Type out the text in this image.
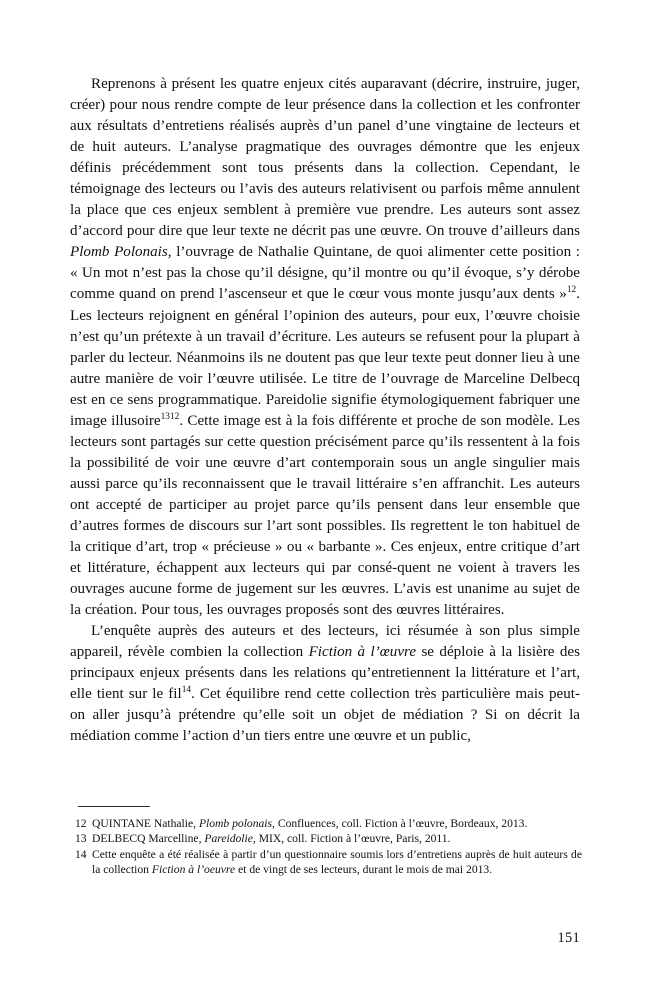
Reprenons à présent les quatre enjeux cités auparavant (décrire, instruire, juger, créer) pour nous rendre compte de leur présence dans la collection et les confronter aux résultats d’entretiens réalisés auprès d’un panel d’une vingtaine de lecteurs et de huit auteurs. L’analyse pragmatique des ouvrages démontre que les enjeux définis précédemment sont tous présents dans la collection. Cependant, le témoignage des lecteurs ou l’avis des auteurs relativisent ou parfois même annulent la place que ces enjeux semblent à première vue prendre. Les auteurs sont assez d’accord pour dire que leur texte ne décrit pas une œuvre. On trouve d’ailleurs dans Plomb Polonais, l’ouvrage de Nathalie Quintane, de quoi alimenter cette position : « Un mot n’est pas la chose qu’il désigne, qu’il montre ou qu’il évoque, s’y dérobe comme quand on prend l’ascenseur et que le cœur vous monte jusqu’aux dents »$^{12}$. Les lecteurs rejoignent en général l’opinion des auteurs, pour eux, l’œuvre choisie n’est qu’un prétexte à un travail d’écriture. Les auteurs se refusent pour la plupart à parler du lecteur. Néanmoins ils ne doutent pas que leur texte peut donner lieu à une autre manière de voir l’œuvre utilisée. Le titre de l’ouvrage de Marceline Delbecq est en ce sens programmatique. Pareidolie signifie étymologiquement fabriquer une image illusoire$^{1312}$. Cette image est à la fois différente et proche de son modèle. Les lecteurs sont partagés sur cette question précisément parce qu’ils ressentent à la fois la possibilité de voir une œuvre d’art contemporain sous un angle singulier mais aussi parce qu’ils reconnaissent que le travail littéraire s’en affranchit. Les auteurs ont accepté de participer au projet parce qu’ils pensent dans leur ensemble que d’autres formes de discours sur l’art sont possibles. Ils regrettent le ton habituel de la critique d’art, trop « précieuse » ou « barbante ». Ces enjeux, entre critique d’art et littérature, échappent aux lecteurs qui par consé-quent ne voient à travers les ouvrages aucune forme de jugement sur les œuvres. L’avis est unanime au sujet de la création. Pour tous, les ouvrages proposés sont des œuvres littéraires.

L’enquête auprès des auteurs et des lecteurs, ici résumée à son plus simple appareil, révèle combien la collection Fiction à l’œuvre se déploie à la lisière des principaux enjeux présents dans les relations qu’entretiennent la littérature et l’art, elle tient sur le fil$^{14}$. Cet équilibre rend cette collection très particulière mais peut-on aller jusqu’à prétendre qu’elle soit un objet de médiation ? Si on décrit la médiation comme l’action d’un tiers entre une œuvre et un public,

12 QUINTANE Nathalie, Plomb polonais, Confluences, coll. Fiction à l’œuvre, Bordeaux, 2013.
13 DELBECQ Marcelline, Pareidolie, MIX, coll. Fiction à l’œuvre, Paris, 2011.
14 Cette enquête a été réalisée à partir d’un questionnaire soumis lors d’entretiens auprès de huit auteurs de la collection Fiction à l’oeuvre et de vingt de ses lecteurs, durant le mois de mai 2013.
151
